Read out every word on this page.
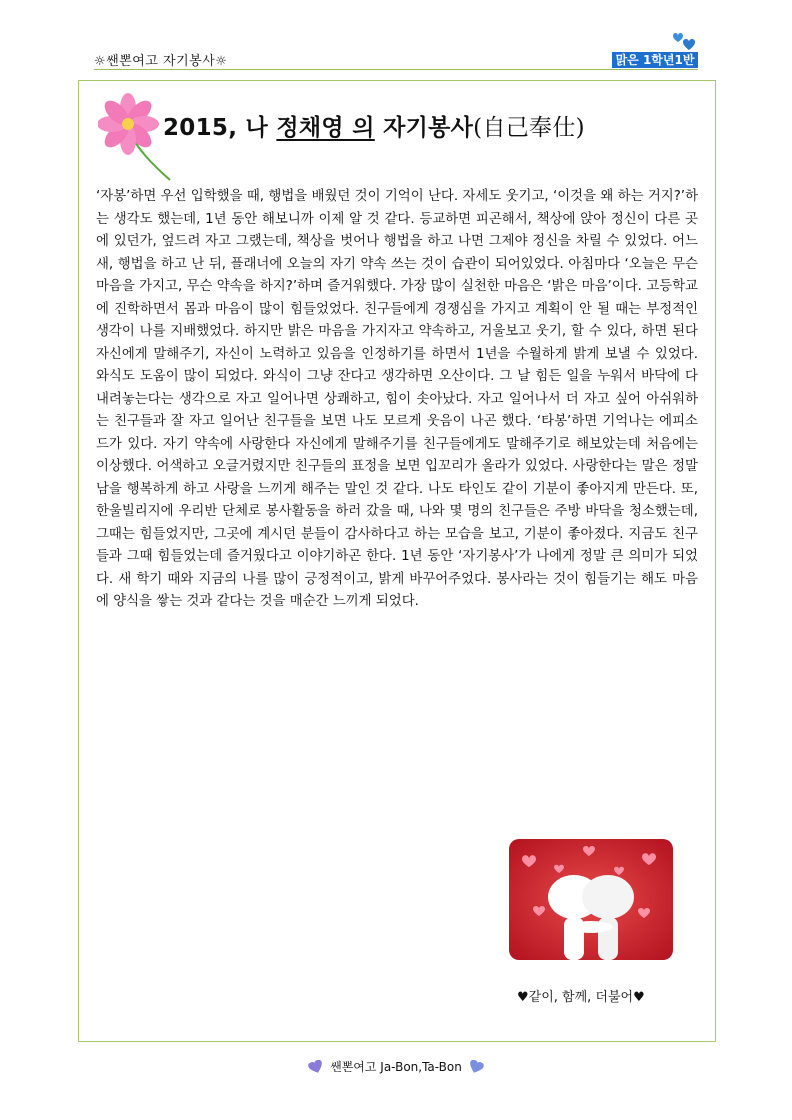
☼쌘뽄여고 자기봉사☼	맑은 1학년1반
2015, 나 정채영 의 자기봉사(自己奉仕)

‘자봉’하면 우선 입학했을 때, 행법을 배웠던 것이 기억이 난다. 자세도 웃기고, ‘이것을 왜 하는 거지?’하는 생각도 했는데, 1년 동안 해보니까 이제 알 것 같다. 등교하면 피곤해서, 책상에 앉아 정신이 다른 곳에 있던가, 엎드려 자고 그랬는데, 책상을 벗어나 행법을 하고 나면 그제야 정신을 차릴 수 있었다. 어느새, 행법을 하고 난 뒤, 플래너에 오늘의 자기 약속 쓰는 것이 습관이 되어있었다. 아침마다 ‘오늘은 무슨 마음을 가지고, 무슨 약속을 하지?’하며 즐거워했다. 가장 많이 실천한 마음은 ‘밝은 마음’이다. 고등학교에 진학하면서 몸과 마음이 많이 힘들었었다. 친구들에게 경쟁심을 가지고 계획이 안 될 때는 부정적인 생각이 나를 지배했었다. 하지만 밝은 마음을 가지자고 약속하고, 거울보고 웃기, 할 수 있다, 하면 된다 자신에게 말해주기, 자신이 노력하고 있음을 인정하기를 하면서 1년을 수월하게 밝게 보낼 수 있었다. 와식도 도움이 많이 되었다. 와식이 그냥 잔다고 생각하면 오산이다. 그 날 힘든 일을 누워서 바닥에 다 내려놓는다는 생각으로 자고 일어나면 상쾌하고, 힘이 솟아났다. 자고 일어나서 더 자고 싶어 아쉬워하는 친구들과 잘 자고 일어난 친구들을 보면 나도 모르게 웃음이 나곤 했다. ‘타봉’하면 기억나는 에피소드가 있다. 자기 약속에 사랑한다 자신에게 말해주기를 친구들에게도 말해주기로 해보았는데 처음에는 이상했다. 어색하고 오글거렸지만 친구들의 표정을 보면 입꼬리가 올라가 있었다. 사랑한다는 말은 정말 남을 행복하게 하고 사랑을 느끼게 해주는 말인 것 같다. 나도 타인도 같이 기분이 좋아지게 만든다. 또, 한울빌리지에 우리반 단체로 봉사활동을 하러 갔을 때, 나와 몇 명의 친구들은 주방 바닥을 청소했는데, 그때는 힘들었지만, 그곳에 계시던 분들이 감사하다고 하는 모습을 보고, 기분이 좋아졌다. 지금도 친구들과 그때 힘들었는데 즐거웠다고 이야기하곤 한다. 1년 동안 ‘자기봉사’가 나에게 정말 큰 의미가 되었다. 새 학기 때와 지금의 나를 많이 긍정적이고, 밝게 바꾸어주었다. 봉사라는 것이 힘들기는 해도 마음에 양식을 쌓는 것과 같다는 것을 매순간 느끼게 되었다.

♥같이, 함께, 더불어♥
쌘뽄여고 Ja-Bon,Ta-Bon
